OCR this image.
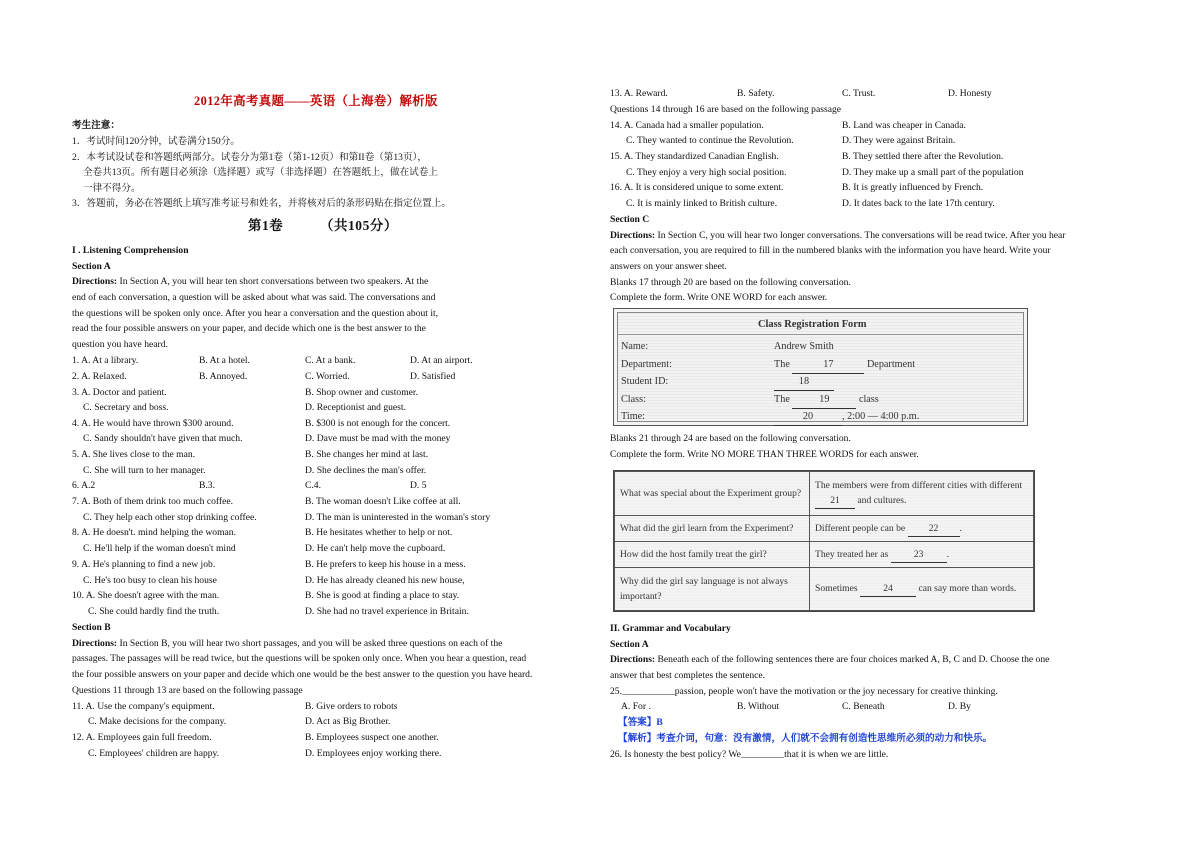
2012年高考真题——英语（上海卷）解析版
考生注意：
1．考试时间120分钟，试卷满分150分。
2．本考试设试卷和答题纸两部分。试卷分为第1卷（第1-12页）和第II卷（第13页），
全卷共13页。所有题目必须涂（选择题）或写（非选择题）在答题纸上，做在试卷上
一律不得分。
3．答题前，务必在答题纸上填写准考证号和姓名，并将核对后的条形码贴在指定位置上。
第1卷	（共105分）
I . Listening Comprehension
Section A
Directions: In Section A, you will hear ten short conversations between two speakers. At the
end of each conversation, a question will be asked about what was said. The conversations and
the questions will be spoken only once. After you hear a conversation and the question about it,
read the four possible answers on your paper, and decide which one is the best answer to the
question you have heard.
1. A. At a library.	B. At a hotel.	C. At a bank.	D. At an airport.
2. A. Relaxed.	B. Annoyed.	C. Worried.	D. Satisfied
3. A. Doctor and patient.	B. Shop owner and customer.
C. Secretary and boss.	D. Receptionist and guest.
4. A. He would have thrown $300 around.	B. $300 is not enough for the concert.
C. Sandy shouldn't have given that much.	D. Dave must be mad with the money
5. A. She lives close to the man.	B. She changes her mind at last.
C. She will turn to her manager.	D. She declines the man's offer.
6. A.2	B.3.	C.4.	D. 5
7. A. Both of them drink too much coffee.	B. The woman doesn't Like coffee at all.
C. They help each other stop drinking coffee.	D. The man is uninterested in the woman's story
8. A. He doesn't. mind helping the woman.	B. He hesitates whether to help or not.
C. He'll help if the woman doesn't mind	D. He can't help move the cupboard.
9. A. He's planning to find a new job.	B. He prefers to keep his house in a mess.
C. He's too busy to clean his house	D. He has already cleaned his new house,
10. A. She doesn't agree with the man.	B. She is good at finding a place to stay.
C. She could hardly find the truth.	D. She had no travel experience in Britain.
Section B
Directions: In Section B, you will hear two short passages, and you will be asked three questions on each of the
passages. The passages will be read twice, but the questions will be spoken only once. When you hear a question, read
the four possible answers on your paper and decide which one would be the best answer to the question you have heard.
Questions 11 through 13 are based on the following passage
11. A. Use the company's equipment.	B. Give orders to robots
C. Make decisions for the company.	D. Act as Big Brother.
12. A. Employees gain full freedom.	B. Employees suspect one another.
C. Employees' children are happy.	D. Employees enjoy working there.
13. A. Reward.	B. Safety.	C. Trust.	D. Honesty
Questions 14 through 16 are based on the following passage
14. A. Canada had a smaller population.	B. Land was cheaper in Canada.
C. They wanted to continue the Revolution.	D. They were against Britain.
15. A. They standardized Canadian English.	B. They settled there after the Revolution.
C. They enjoy a very high social position.	D. They make up a small part of the population
16. A. It is considered unique to some extent.	B. It is greatly influenced by French.
C. It is mainly linked to British culture.	D. It dates back to the late 17th century.
Section C
Directions: In Section C, you will hear two longer conversations. The conversations will be read twice. After you hear
each conversation, you are required to fill in the numbered blanks with the information you have heard. Write your
answers on your answer sheet.
Blanks 17 through 20 are based on the following conversation.
Complete the form. Write ONE WORD for each answer.
Class Registration Form
Name:	Andrew Smith
Department:	The	17	Department
Student ID:	18
Class:	The	19	class
Time:	20	, 2:00 — 4:00 p.m.
Blanks 21 through 24 are based on the following conversation.
Complete the form. Write NO MORE THAN THREE WORDS for each answer.
What was special about the Experiment group?	The members were from different cities with different 21 and cultures.
What did the girl learn from the Experiment?	Different people can be 22 .
How did the host family treat the girl?	They treated her as 23 .
Why did the girl say language is not always important?	Sometimes 24 can say more than words.
II. Grammar and Vocabulary
Section A
Directions: Beneath each of the following sentences there are four choices marked A, B, C and D. Choose the one
answer that best completes the sentence.
25.___________passion, people won't have the motivation or the joy necessary for creative thinking.
A. For .	B. Without	C. Beneath	D. By
【答案】B
【解析】考查介词，句意：没有激情，人们就不会拥有创造性思维所必须的动力和快乐。
26. Is honesty the best policy? We_________that it is when we are little.
